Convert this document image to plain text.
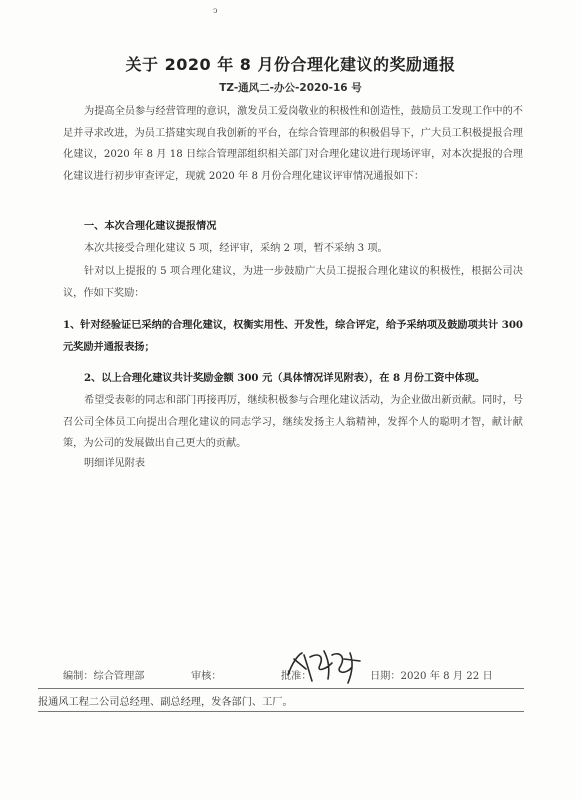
ↄ
关于 2020 年 8 月份合理化建议的奖励通报
TZ-通风二-办公-2020-16 号
为提高全员参与经营管理的意识，激发员工爱岗敬业的积极性和创造性，鼓励员工发现工作中的不足并寻求改进，为员工搭建实现自我创新的平台，在综合管理部的积极倡导下，广大员工积极提报合理化建议，2020 年 8 月 18 日综合管理部组织相关部门对合理化建议进行现场评审，对本次提报的合理化建议进行初步审查评定，现就 2020 年 8 月份合理化建议评审情况通报如下：
一、本次合理化建议提报情况
本次共接受合理化建议 5 项，经评审，采纳 2 项，暂不采纳 3 项。
针对以上提报的 5 项合理化建议，为进一步鼓励广大员工提报合理化建议的积极性，根据公司决议，作如下奖励：
1、针对经验证已采纳的合理化建议，权衡实用性、开发性，综合评定，给予采纳项及鼓励项共计 300 元奖励并通报表扬；
2、以上合理化建议共计奖励金额 300 元（具体情况详见附表），在 8 月份工资中体现。
希望受表彰的同志和部门再接再厉，继续积极参与合理化建议活动，为企业做出新贡献。同时，号召公司全体员工向提出合理化建议的同志学习，继续发扬主人翁精神，发挥个人的聪明才智，献计献策，为公司的发展做出自己更大的贡献。
明细详见附表
编制：综合管理部	审核：	批准：	日期：2020 年 8 月 22 日
报通风工程二公司总经理、副总经理，发各部门、工厂。
